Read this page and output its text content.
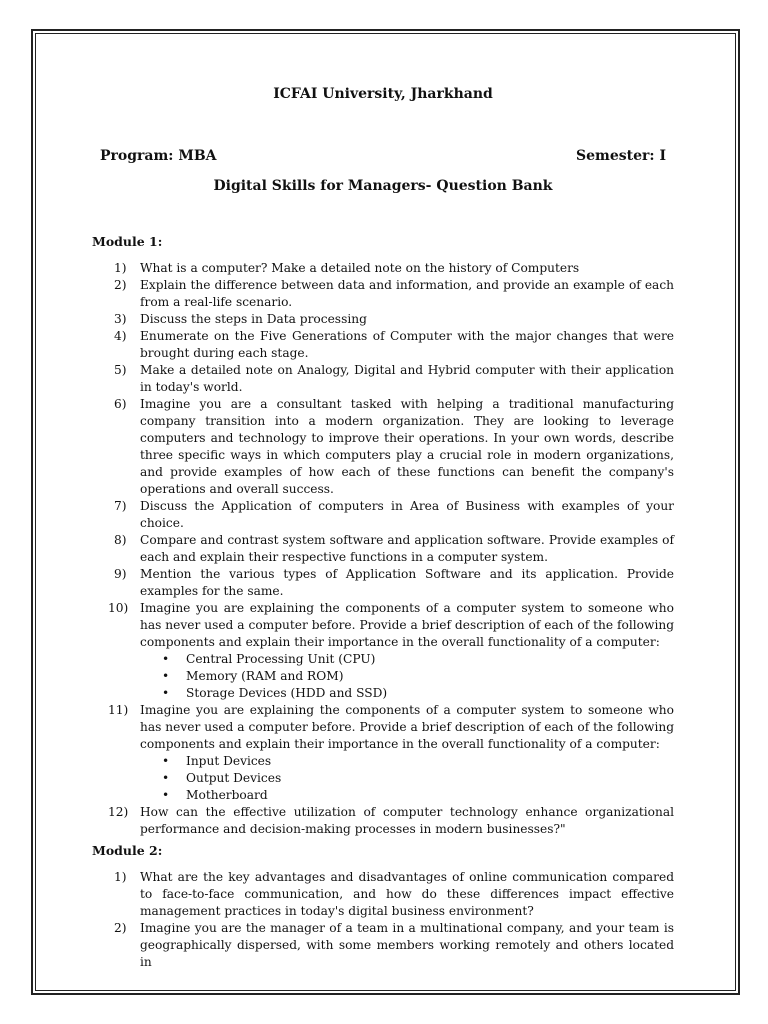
ICFAI University, Jharkhand
Program: MBA	Semester: I
Digital Skills for Managers- Question Bank
Module 1:
1) What is a computer? Make a detailed note on the history of Computers
2) Explain the difference between data and information, and provide an example of each from a real-life scenario.
3) Discuss the steps in Data processing
4) Enumerate on the Five Generations of Computer with the major changes that were brought during each stage.
5) Make a detailed note on Analogy, Digital and Hybrid computer with their application in today's world.
6) Imagine you are a consultant tasked with helping a traditional manufacturing company transition into a modern organization. They are looking to leverage computers and technology to improve their operations. In your own words, describe three specific ways in which computers play a crucial role in modern organizations, and provide examples of how each of these functions can benefit the company's operations and overall success.
7) Discuss the Application of computers in Area of Business with examples of your choice.
8) Compare and contrast system software and application software. Provide examples of each and explain their respective functions in a computer system.
9) Mention the various types of Application Software and its application. Provide examples for the same.
10) Imagine you are explaining the components of a computer system to someone who has never used a computer before. Provide a brief description of each of the following components and explain their importance in the overall functionality of a computer:
• Central Processing Unit (CPU)
• Memory (RAM and ROM)
• Storage Devices (HDD and SSD)
11) Imagine you are explaining the components of a computer system to someone who has never used a computer before. Provide a brief description of each of the following components and explain their importance in the overall functionality of a computer:
• Input Devices
• Output Devices
• Motherboard
12) How can the effective utilization of computer technology enhance organizational performance and decision-making processes in modern businesses?"
Module 2:
1) What are the key advantages and disadvantages of online communication compared to face-to-face communication, and how do these differences impact effective management practices in today's digital business environment?
2) Imagine you are the manager of a team in a multinational company, and your team is geographically dispersed, with some members working remotely and others located in
